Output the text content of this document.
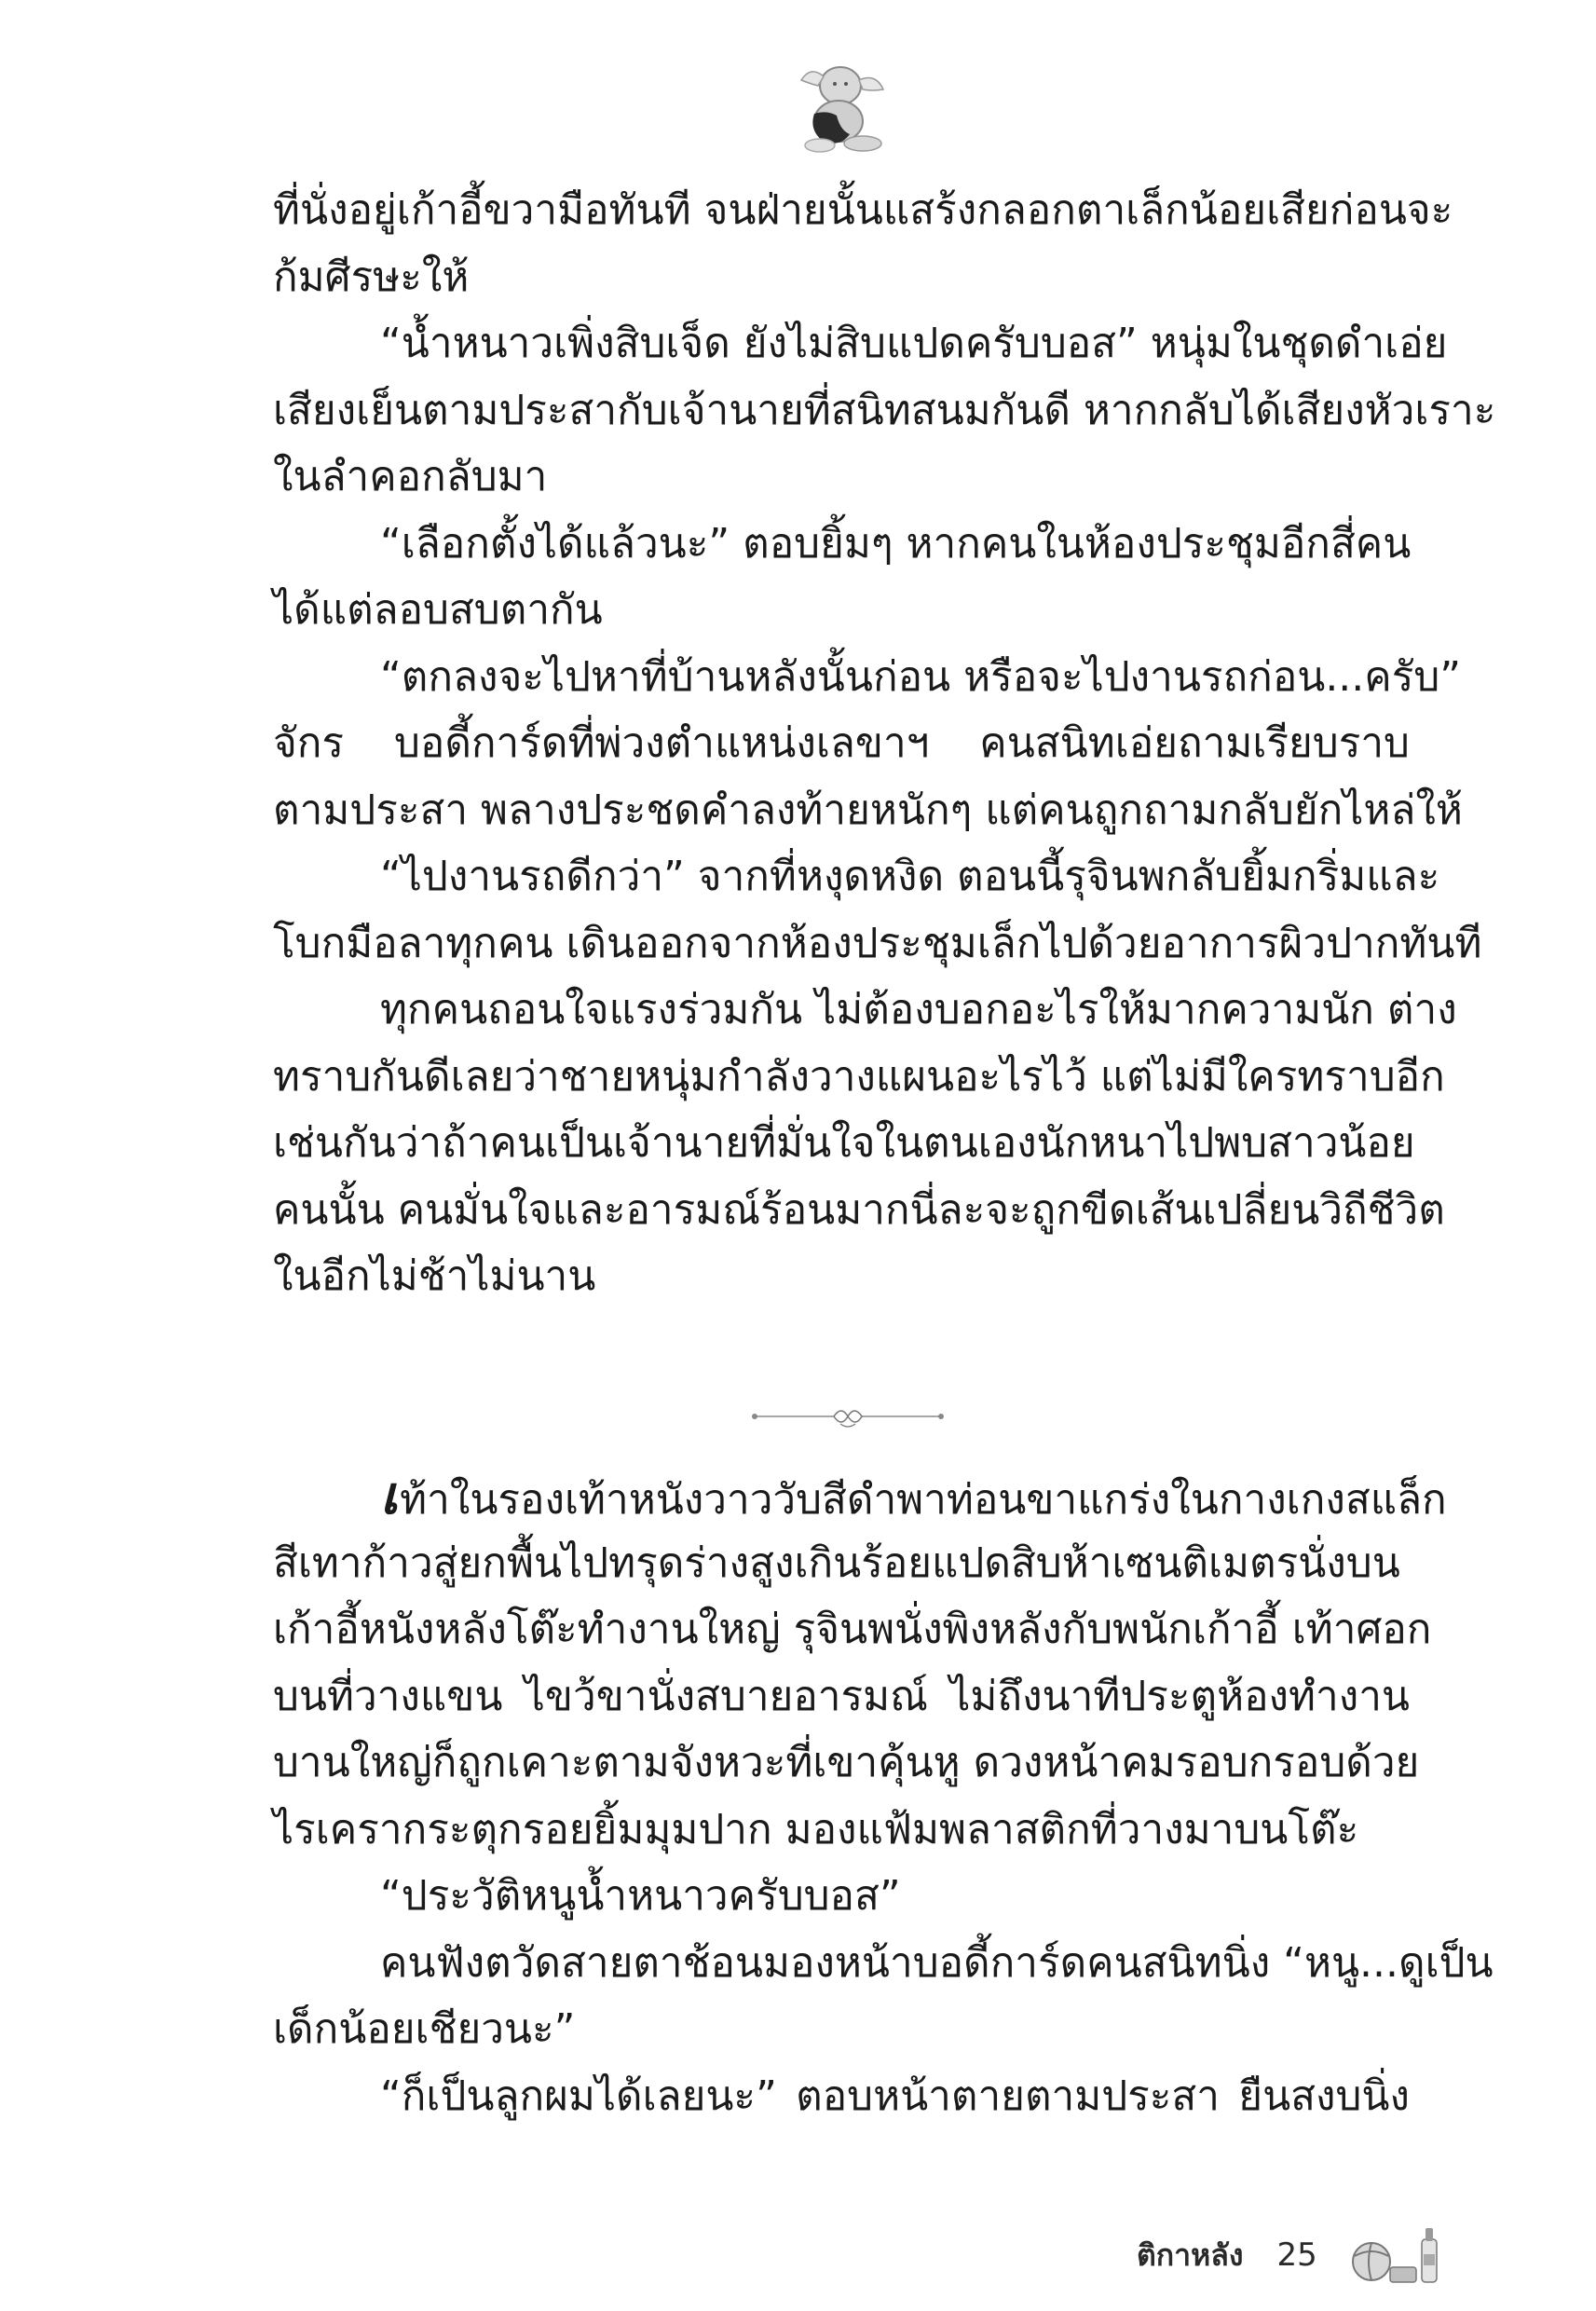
ที่นั่งอยู่เก้าอี้ขวามือทันที จนฝ่ายนั้นแสร้งกลอกตาเล็กน้อยเสียก่อนจะ
ก้มศีรษะให้
“น้ำหนาวเพิ่งสิบเจ็ด ยังไม่สิบแปดครับบอส” หนุ่มในชุดดำเอ่ย
เสียงเย็นตามประสากับเจ้านายที่สนิทสนมกันดี หากกลับได้เสียงหัวเราะ
ในลำคอกลับมา
“เลือกตั้งได้แล้วนะ” ตอบยิ้มๆ หากคนในห้องประชุมอีกสี่คน
ได้แต่ลอบสบตากัน
“ตกลงจะไปหาที่บ้านหลังนั้นก่อน หรือจะไปงานรถก่อน...ครับ”
จักร บอดี้การ์ดที่พ่วงตำแหน่งเลขาฯ คนสนิทเอ่ยถามเรียบราบ
ตามประสา พลางประชดคำลงท้ายหนักๆ แต่คนถูกถามกลับยักไหล่ให้
“ไปงานรถดีกว่า” จากที่หงุดหงิด ตอนนี้รุจินพกลับยิ้มกริ่มและ
โบกมือลาทุกคน เดินออกจากห้องประชุมเล็กไปด้วยอาการผิวปากทันที
ทุกคนถอนใจแรงร่วมกัน ไม่ต้องบอกอะไรให้มากความนัก ต่าง
ทราบกันดีเลยว่าชายหนุ่มกำลังวางแผนอะไรไว้ แต่ไม่มีใครทราบอีก
เช่นกันว่าถ้าคนเป็นเจ้านายที่มั่นใจในตนเองนักหนาไปพบสาวน้อย
คนนั้น คนมั่นใจและอารมณ์ร้อนมากนี่ละจะถูกขีดเส้นเปลี่ยนวิถีชีวิต
ในอีกไม่ช้าไม่นาน
เท้าในรองเท้าหนังวาววับสีดำพาท่อนขาแกร่งในกางเกงสแล็ก
สีเทาก้าวสู่ยกพื้นไปทรุดร่างสูงเกินร้อยแปดสิบห้าเซนติเมตรนั่งบน
เก้าอี้หนังหลังโต๊ะทำงานใหญ่ รุจินพนั่งพิงหลังกับพนักเก้าอี้ เท้าศอก
บนที่วางแขน ไขว้ขานั่งสบายอารมณ์ ไม่ถึงนาทีประตูห้องทำงาน
บานใหญ่ก็ถูกเคาะตามจังหวะที่เขาคุ้นหู ดวงหน้าคมรอบกรอบด้วย
ไรเครากระตุกรอยยิ้มมุมปาก มองแฟ้มพลาสติกที่วางมาบนโต๊ะ
“ประวัติหนูน้ำหนาวครับบอส”
คนฟังตวัดสายตาช้อนมองหน้าบอดี้การ์ดคนสนิทนิ่ง “หนู...ดูเป็น
เด็กน้อยเชียวนะ”
“ก็เป็นลูกผมได้เลยนะ” ตอบหน้าตายตามประสา ยืนสงบนิ่ง
ติกาหลัง 25
